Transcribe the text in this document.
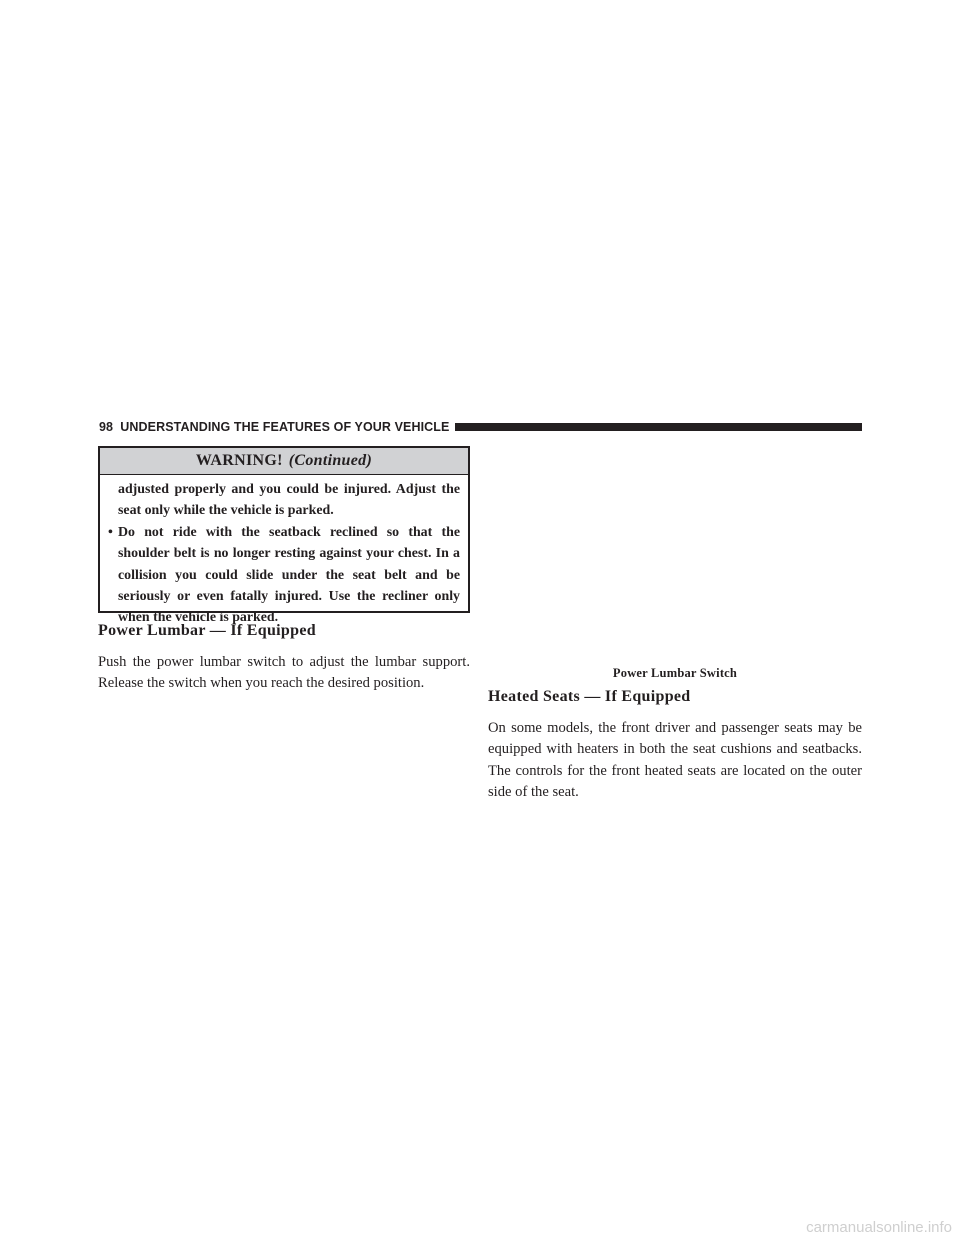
98 UNDERSTANDING THE FEATURES OF YOUR VEHICLE
WARNING! (Continued)
adjusted properly and you could be injured. Adjust the seat only while the vehicle is parked.
• Do not ride with the seatback reclined so that the shoulder belt is no longer resting against your chest. In a collision you could slide under the seat belt and be seriously or even fatally injured. Use the recliner only when the vehicle is parked.
Power Lumbar — If Equipped

Push the power lumbar switch to adjust the lumbar support. Release the switch when you reach the desired position.

Power Lumbar Switch
Heated Seats — If Equipped

On some models, the front driver and passenger seats may be equipped with heaters in both the seat cushions and seatbacks. The controls for the front heated seats are located on the outer side of the seat.

carmanualsonline.info
